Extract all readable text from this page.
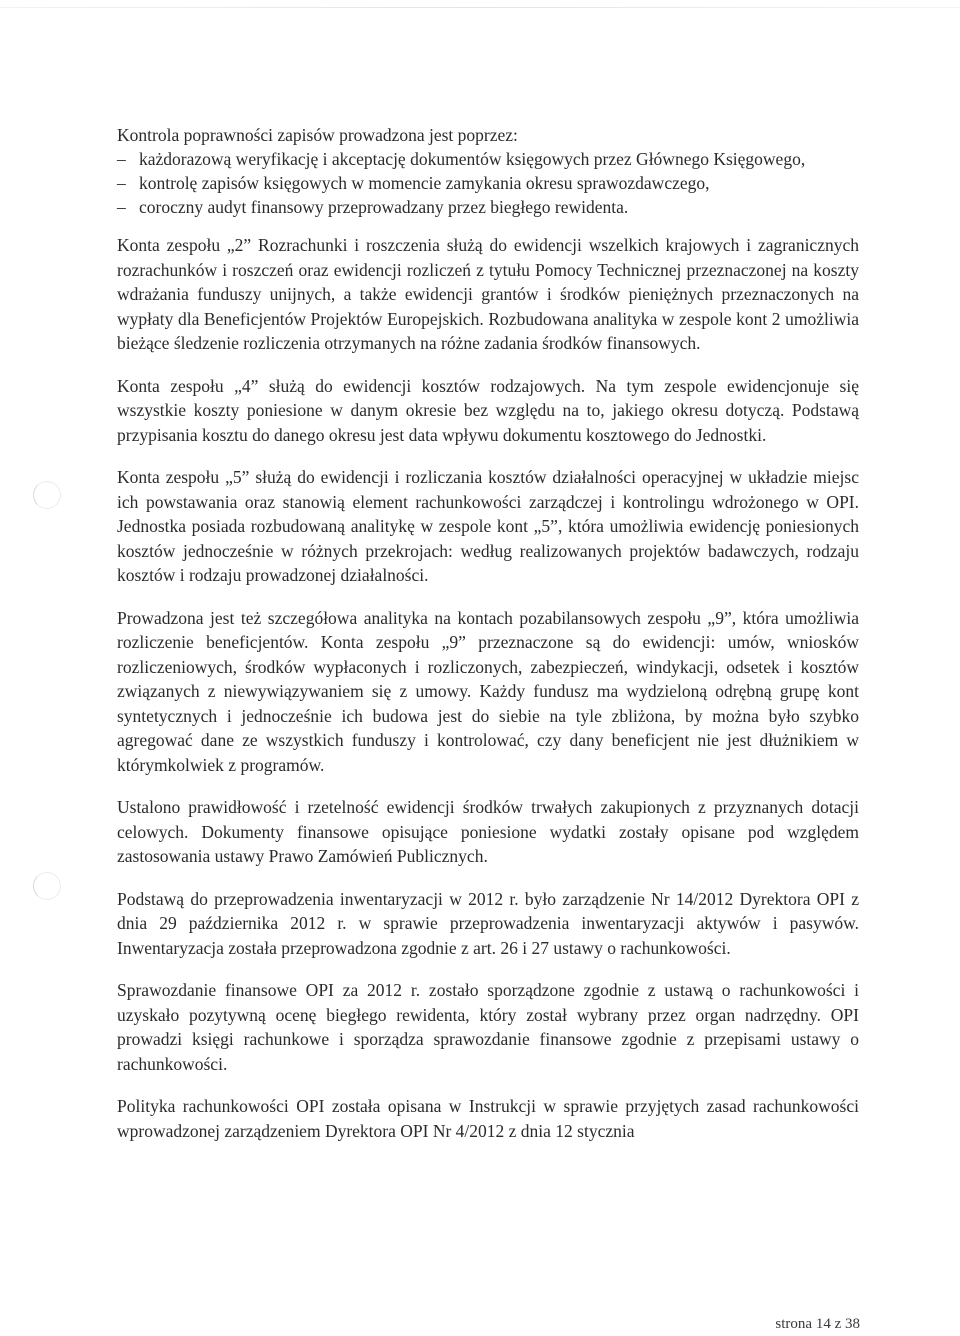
Kontrola poprawności zapisów prowadzona jest poprzez:

– każdorazową weryfikację i akceptację dokumentów księgowych przez Głównego Księgowego,
– kontrolę zapisów księgowych w momencie zamykania okresu sprawozdawczego,
– coroczny audyt finansowy przeprowadzany przez biegłego rewidenta.

Konta zespołu „2” Rozrachunki i roszczenia służą do ewidencji wszelkich krajowych i zagranicznych rozrachunków i roszczeń oraz ewidencji rozliczeń z tytułu Pomocy Technicznej przeznaczonej na koszty wdrażania funduszy unijnych, a także ewidencji grantów i środków pieniężnych przeznaczonych na wypłaty dla Beneficjentów Projektów Europejskich. Rozbudowana analityka w zespole kont 2 umożliwia bieżące śledzenie rozliczenia otrzymanych na różne zadania środków finansowych.

Konta zespołu „4” służą do ewidencji kosztów rodzajowych. Na tym zespole ewidencjonuje się wszystkie koszty poniesione w danym okresie bez względu na to, jakiego okresu dotyczą. Podstawą przypisania kosztu do danego okresu jest data wpływu dokumentu kosztowego do Jednostki.

Konta zespołu „5” służą do ewidencji i rozliczania kosztów działalności operacyjnej w układzie miejsc ich powstawania oraz stanowią element rachunkowości zarządczej i kontrolingu wdrożonego w OPI. Jednostka posiada rozbudowaną analitykę w zespole kont „5”, która umożliwia ewidencję poniesionych kosztów jednocześnie w różnych przekrojach: według realizowanych projektów badawczych, rodzaju kosztów i rodzaju prowadzonej działalności.

Prowadzona jest też szczegółowa analityka na kontach pozabilansowych zespołu „9”, która umożliwia rozliczenie beneficjentów. Konta zespołu „9” przeznaczone są do ewidencji: umów, wniosków rozliczeniowych, środków wypłaconych i rozliczonych, zabezpieczeń, windykacji, odsetek i kosztów związanych z niewywiązywaniem się z umowy. Każdy fundusz ma wydzieloną odrębną grupę kont syntetycznych i jednocześnie ich budowa jest do siebie na tyle zbliżona, by można było szybko agregować dane ze wszystkich funduszy i kontrolować, czy dany beneficjent nie jest dłużnikiem w którymkolwiek z programów.

Ustalono prawidłowość i rzetelność ewidencji środków trwałych zakupionych z przyznanych dotacji celowych. Dokumenty finansowe opisujące poniesione wydatki zostały opisane pod względem zastosowania ustawy Prawo Zamówień Publicznych.

Podstawą do przeprowadzenia inwentaryzacji w 2012 r. było zarządzenie Nr 14/2012 Dyrektora OPI z dnia 29 października 2012 r. w sprawie przeprowadzenia inwentaryzacji aktywów i pasywów. Inwentaryzacja została przeprowadzona zgodnie z art. 26 i 27 ustawy o rachunkowości.

Sprawozdanie finansowe OPI za 2012 r. zostało sporządzone zgodnie z ustawą o rachunkowości i uzyskało pozytywną ocenę biegłego rewidenta, który został wybrany przez organ nadrzędny. OPI prowadzi księgi rachunkowe i sporządza sprawozdanie finansowe zgodnie z przepisami ustawy o rachunkowości.

Polityka rachunkowości OPI została opisana w Instrukcji w sprawie przyjętych zasad rachunkowości wprowadzonej zarządzeniem Dyrektora OPI Nr 4/2012 z dnia 12 stycznia

strona 14 z 38
